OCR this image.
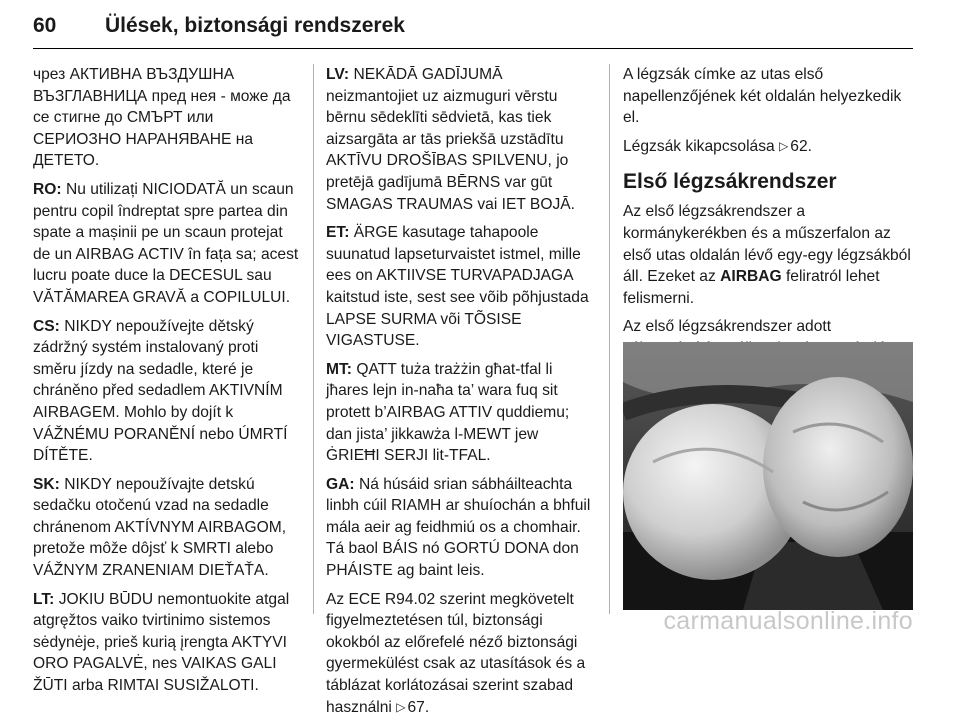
60 Ülések, biztonsági rendszerek

чрез АКТИВНА ВЪЗДУШНА ВЪЗГЛАВНИЦА пред нея - може да се стигне до СМЪРТ или СЕРИОЗНО НАРАНЯВАНЕ на ДЕТЕТО.

RO: Nu utilizați NICIODATĂ un scaun pentru copil îndreptat spre partea din spate a mașinii pe un scaun protejat de un AIRBAG ACTIV în fața sa; acest lucru poate duce la DECESUL sau VĂTĂMAREA GRAVĂ a COPILULUI.

CS: NIKDY nepoužívejte dětský zádržný systém instalovaný proti směru jízdy na sedadle, které je chráněno před sedadlem AKTIVNÍM AIRBAGEM. Mohlo by dojít k VÁŽNÉMU PORANĚNÍ nebo ÚMRTÍ DÍTĚTE.

SK: NIKDY nepoužívajte detskú sedačku otočenú vzad na sedadle chránenom AKTÍVNYM AIRBAGOM, pretože môže dôjsť k SMRTI alebo VÁŽNYM ZRANENIAM DIEŤAŤA.

LT: JOKIU BŪDU nemontuokite atgal atgręžtos vaiko tvirtinimo sistemos sėdynėje, prieš kurią įrengta AKTYVI ORO PAGALVĖ, nes VAIKAS GALI ŽŪTI arba RIMTAI SUSIŽALOTI.

LV: NEKĀDĀ GADĪJUMĀ neizmantojiet uz aizmuguri vērstu bērnu sēdeklīti sēdvietā, kas tiek aizsargāta ar tās priekšā uzstādītu AKTĪVU DROŠĪBAS SPILVENU, jo pretējā gadījumā BĒRNS var gūt SMAGAS TRAUMAS vai IET BOJĀ.

ET: ÄRGE kasutage tahapoole suunatud lapseturvaistet istmel, mille ees on AKTIIVSE TURVAPADJAGA kaitstud iste, sest see võib põhjustada LAPSE SURMA või TÕSISE VIGASTUSE.

MT: QATT tuża trażżin għat-tfal li jħares lejn in-naħa ta’ wara fuq sit protett b’AIRBAG ATTIV quddiemu; dan jista’ jikkawża l-MEWT jew ĠRIEĦI SERJI lit-TFAL.

GA: Ná húsáid srian sábháilteachta linbh cúil RIAMH ar shuíochán a bhfuil mála aeir ag feidhmiú os a chomhair. Tá baol BÁIS nó GORTÚ DONA don PHÁISTE ag baint leis.

Az ECE R94.02 szerint megkövetelt figyelmeztetésen túl, biztonsági okokból az előrefelé néző biztonsági gyermekülést csak az utasítások és a táblázat korlátozásai szerint szabad használni ▷ 67.

A légzsák címke az utas első napellenzőjének két oldalán helyezkedik el.

Légzsák kikapcsolása ▷ 62.

Első légzsákrendszer

Az első légzsákrendszer a kormánykerékben és a műszerfalon az első utas oldalán lévő egy-egy légzsákból áll. Ezeket az AIRBAG feliratról lehet felismerni.

Az első légzsákrendszer adott

carmanualsonline.info
